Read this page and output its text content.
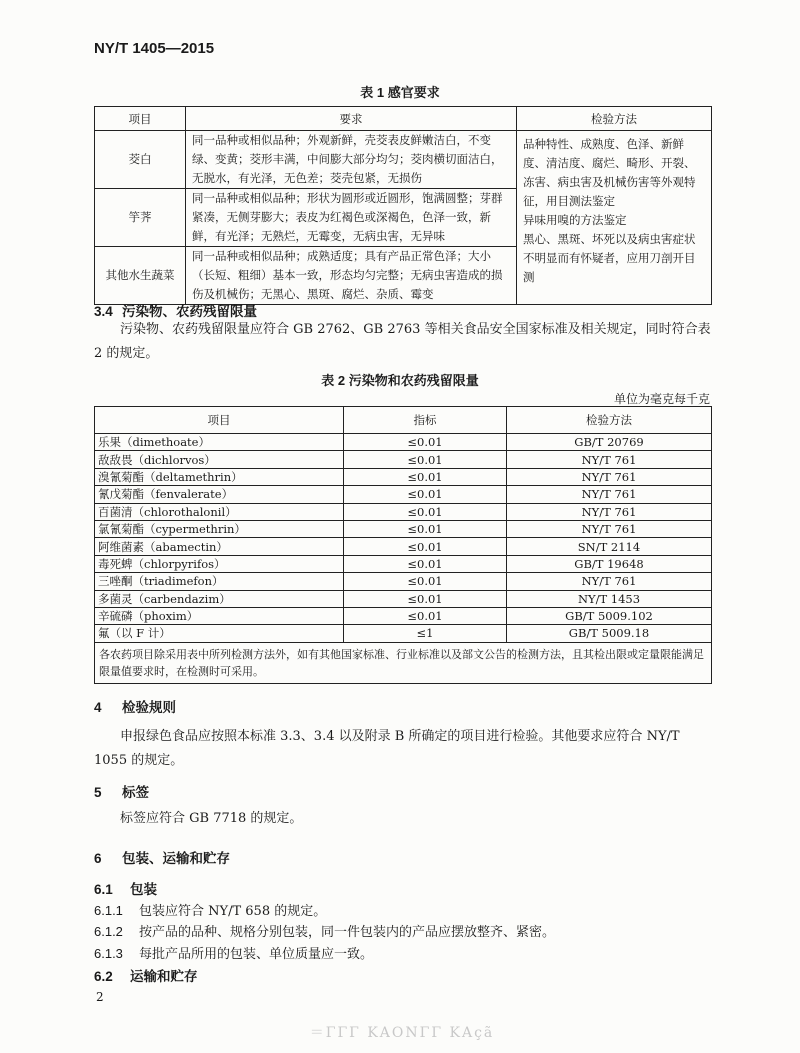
NY/T 1405—2015
表 1 感官要求
项目	要求	检验方法
茭白	同一品种或相似品种；外观新鲜，壳茭表皮鲜嫩洁白，不变绿、变黄；茭形丰满，中间膨大部分均匀；茭肉横切面洁白，无脱水，有光泽，无色差；茭壳包紧，无损伤	品种特性、成熟度、色泽、新鲜度、清洁度、腐烂、畸形、开裂、冻害、病虫害及机械伤害等外观特征，用目测法鉴定
异味用嗅的方法鉴定
黑心、黑斑、坏死以及病虫害症状不明显而有怀疑者，应用刀剖开目测
竽荠	同一品种或相似品种；形状为圆形或近圆形，饱满圆整；芽群紧凑，无侧芽膨大；表皮为红褐色或深褐色，色泽一致，新鲜，有光泽；无熟烂，无霉变，无病虫害，无异味	
其他水生蔬菜	同一品种或相似品种；成熟适度；具有产品正常色泽；大小（长短、粗细）基本一致，形态均匀完整；无病虫害造成的损伤及机械伤；无黑心、黑斑、腐烂、杂质、霉变	
3.4 污染物、农药残留限量
污染物、农药残留限量应符合 GB 2762、GB 2763 等相关食品安全国家标准及相关规定，同时符合表 2 的规定。
表 2 污染物和农药残留限量
单位为毫克每千克
项目	指标	检验方法
乐果（dimethoate）	≤0.01	GB/T 20769
敌敌畏（dichlorvos）	≤0.01	NY/T 761
溴氰菊酯（deltamethrin）	≤0.01	NY/T 761
氰戊菊酯（fenvalerate）	≤0.01	NY/T 761
百菌清（chlorothalonil）	≤0.01	NY/T 761
氯氰菊酯（cypermethrin）	≤0.01	NY/T 761
阿维菌素（abamectin）	≤0.01	SN/T 2114
毒死蜱（chlorpyrifos）	≤0.01	GB/T 19648
三唑酮（triadimefon）	≤0.01	NY/T 761
多菌灵（carbendazim）	≤0.01	NY/T 1453
辛硫磷（phoxim）	≤0.01	GB/T 5009.102
氟（以 F 计）	≤1	GB/T 5009.18
各农药项目除采用表中所列检测方法外，如有其他国家标准、行业标准以及部文公告的检测方法，且其检出限或定量限能满足限量值要求时，在检测时可采用。		
4 检验规则
申报绿色食品应按照本标准 3.3、3.4 以及附录 B 所确定的项目进行检验。其他要求应符合 NY/T 1055 的规定。
5 标签
标签应符合 GB 7718 的规定。
6 包装、运输和贮存
6.1 包装
6.1.1 包装应符合 NY/T 658 的规定。
6.1.2 按产品的品种、规格分别包装，同一件包装内的产品应摆放整齐、紧密。
6.1.3 每批产品所用的包装、单位质量应一致。
6.2 运输和贮存
2
＝ΓΓΓ ΚΑΟΝΓΓ ΚΑçã
